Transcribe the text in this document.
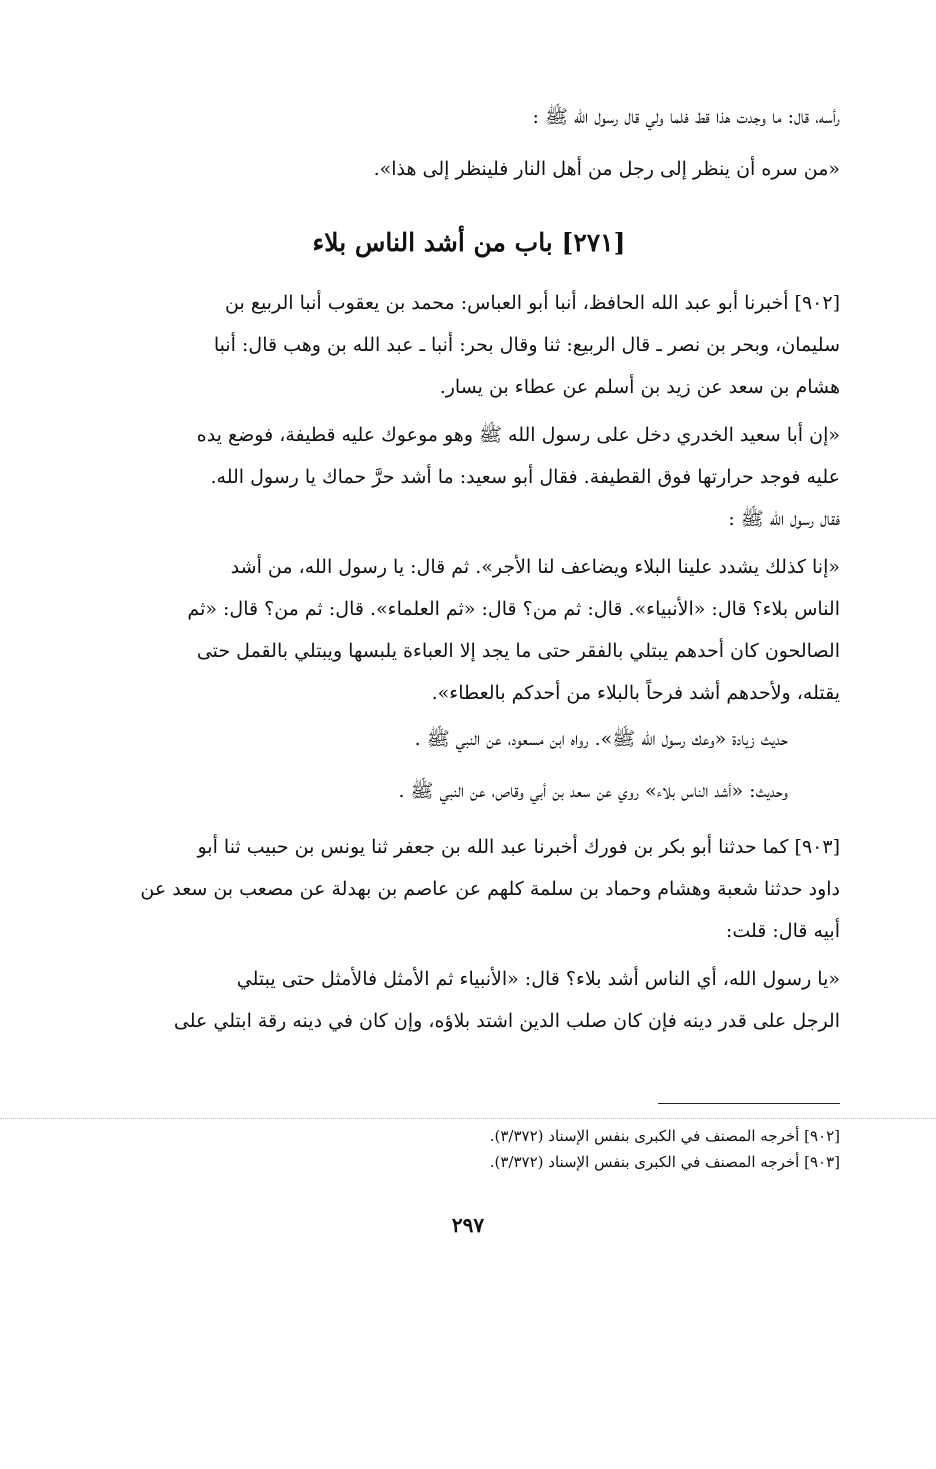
رأسه، قال: ما وجدت هذا قط فلما ولي قال رسول الله ﷺ :
«من سره أن ينظر إلى رجل من أهل النار فلينظر إلى هذا».
[٢٧١] باب من أشد الناس بلاء
[٩٠٢] أخبرنا أبو عبد الله الحافظ، أنبا أبو العباس: محمد بن يعقوب أنبا الربيع بن
سليمان، وبحر بن نصر ـ قال الربيع: ثنا وقال بحر: أنبا ـ عبد الله بن وهب قال: أنبا
هشام بن سعد عن زيد بن أسلم عن عطاء بن يسار.
«إن أبا سعيد الخدري دخل على رسول الله ﷺ وهو موعوك عليه قطيفة، فوضع يده
عليه فوجد حرارتها فوق القطيفة. فقال أبو سعيد: ما أشد حرَّ حماك يا رسول الله.
فقال رسول الله ﷺ :
«إنا كذلك يشدد علينا البلاء ويضاعف لنا الأجر». ثم قال: يا رسول الله، من أشد
الناس بلاء؟ قال: «الأنبياء». قال: ثم من؟ قال: «ثم العلماء». قال: ثم من؟ قال: «ثم
الصالحون كان أحدهم يبتلي بالفقر حتى ما يجد إلا العباءة يلبسها ويبتلي بالقمل حتى
يقتله، ولأحدهم أشد فرحاً بالبلاء من أحدكم بالعطاء».
حديث زيادة «وعك رسول الله ﷺ». رواه ابن مسعود، عن النبي ﷺ .
وحديث: «أشد الناس بلاء» روي عن سعد بن أبي وقاص، عن النبي ﷺ .
[٩٠٣] كما حدثنا أبو بكر بن فورك أخبرنا عبد الله بن جعفر ثنا يونس بن حبيب ثنا أبو
داود حدثنا شعبة وهشام وحماد بن سلمة كلهم عن عاصم بن بهدلة عن مصعب بن سعد عن
أبيه قال: قلت:
«يا رسول الله، أي الناس أشد بلاء؟ قال: «الأنبياء ثم الأمثل فالأمثل حتى يبتلي
الرجل على قدر دينه فإن كان صلب الدين اشتد بلاؤه، وإن كان في دينه رقة ابتلي على
[٩٠٢] أخرجه المصنف في الكبرى بنفس الإسناد (٣/٣٧٢).
[٩٠٣] أخرجه المصنف في الكبرى بنفس الإسناد (٣/٣٧٢).
٢٩٧
